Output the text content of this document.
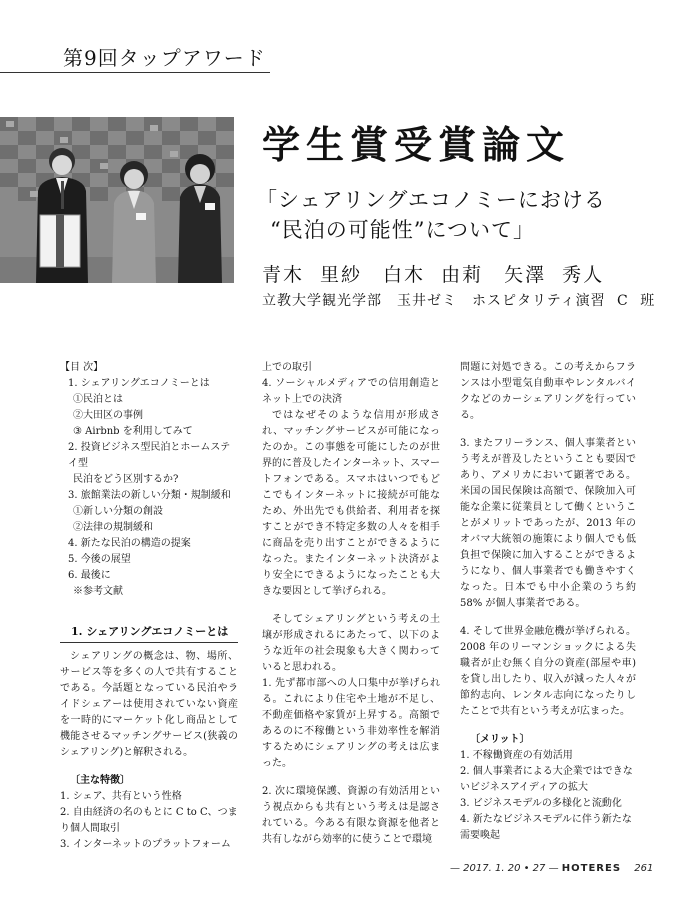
第9回タップアワード
学生賞受賞論文
「シェアリングエコノミーにおける
“民泊の可能性”について」
青木 里紗　白木 由莉　矢澤 秀人
立教大学観光学部　玉井ゼミ　ホスピタリティ演習 C 班

【目 次】

1. シェアリングエコノミーとは
①民泊とは
②大田区の事例
③ Airbnb を利用してみて
2. 投資ビジネス型民泊とホームステイ型
民泊をどう区別するか?
3. 旅館業法の新しい分類・規制緩和
①新しい分類の創設
②法律の規制緩和
4. 新たな民泊の構造の提案
5. 今後の展望
6. 最後に
※参考文献

1. シェアリングエコノミーとは

シェアリングの概念は、物、場所、サービス等を多くの人で共有することである。今話題となっている民泊やライドシェアーは使用されていない資産を一時的にマーケット化し商品として機能させるマッチングサービス(狭義のシェアリング)と解釈される。

〔主な特徴〕

1. シェア、共有という性格
2. 自由経済の名のもとに C to C、つまり個人間取引
3. インターネットのプラットフォーム

上での取引

4. ソーシャルメディアでの信用創造とネット上での決済

ではなぜそのような信用が形成され、マッチングサービスが可能になったのか。この事態を可能にしたのが世界的に普及したインターネット、スマートフォンである。スマホはいつでもどこでもインターネットに接続が可能なため、外出先でも供給者、利用者を探すことができ不特定多数の人々を相手に商品を売り出すことができるようになった。またインターネット決済がより安全にできるようになったことも大きな要因として挙げられる。

そしてシェアリングという考えの土壌が形成されるにあたって、以下のような近年の社会現象も大きく関わっていると思われる。

1. 先ず都市部への人口集中が挙げられる。これにより住宅や土地が不足し、不動産価格や家賃が上昇する。高額であるのに不稼働という非効率性を解消するためにシェアリングの考えは広まった。

2. 次に環境保護、資源の有効活用という視点からも共有という考えは是認されている。今ある有限な資源を他者と共有しながら効率的に使うことで環境

問題に対処できる。この考えからフランスは小型電気自動車やレンタルバイクなどのカーシェアリングを行っている。

3. またフリーランス、個人事業者という考えが普及したということも要因であり、アメリカにおいて顕著である。米国の国民保険は高額で、保険加入可能な企業に従業員として働くということがメリットであったが、2013 年のオバマ大統領の施策により個人でも低負担で保険に加入することができるようになり、個人事業者でも働きやすくなった。日本でも中小企業のうち約 58% が個人事業者である。

4. そして世界金融危機が挙げられる。2008 年のリーマンショックによる失職者が止む無く自分の資産(部屋や車)を貸し出したり、収入が減った人々が節約志向、レンタル志向になったりしたことで共有という考えが広まった。

〔メリット〕

1. 不稼働資産の有効活用
2. 個人事業者による大企業ではできないビジネスアイディアの拡大
3. ビジネスモデルの多様化と流動化
4. 新たなビジネスモデルに伴う新たな需要喚起
— 2017. 1. 20 • 27 — HOTERES 261
